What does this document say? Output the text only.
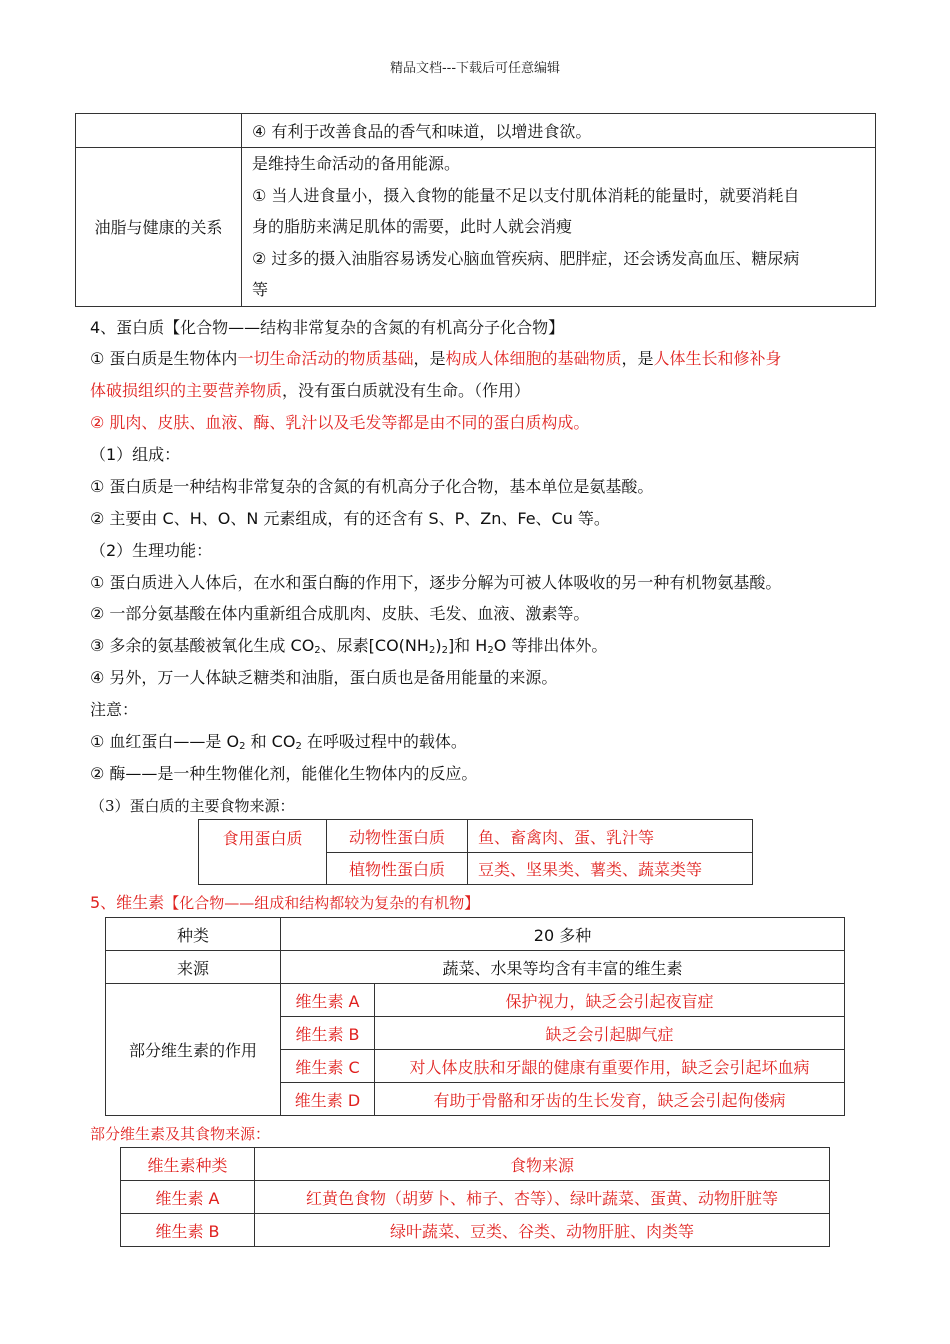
精品文档---下载后可任意编辑
	④ 有利于改善食品的香气和味道，以增进食欲。
油脂与健康的关系	是维持生命活动的备用能源。
① 当人进食量小，摄入食物的能量不足以支付肌体消耗的能量时，就要消耗自
身的脂肪来满足肌体的需要，此时人就会消瘦
② 过多的摄入油脂容易诱发心脑血管疾病、肥胖症，还会诱发高血压、糖尿病
等
4、蛋白质【化合物——结构非常复杂的含氮的有机高分子化合物】
① 蛋白质是生物体内一切生命活动的物质基础，是构成人体细胞的基础物质，是人体生长和修补身
体破损组织的主要营养物质，没有蛋白质就没有生命。（作用）
② 肌肉、皮肤、血液、酶、乳汁以及毛发等都是由不同的蛋白质构成。
（1）组成：
① 蛋白质是一种结构非常复杂的含氮的有机高分子化合物，基本单位是氨基酸。
② 主要由 C、H、O、N 元素组成，有的还含有 S、P、Zn、Fe、Cu 等。
（2）生理功能：
① 蛋白质进入人体后，在水和蛋白酶的作用下，逐步分解为可被人体吸收的另一种有机物氨基酸。
② 一部分氨基酸在体内重新组合成肌肉、皮肤、毛发、血液、激素等。
③ 多余的氨基酸被氧化生成 $CO_2$、尿素$[CO(NH_2)_2]$和 $H_2O$ 等排出体外。
④ 另外，万一人体缺乏糖类和油脂，蛋白质也是备用能量的来源。
注意：
① 血红蛋白——是 $O_2$ 和 $CO_2$ 在呼吸过程中的载体。
② 酶——是一种生物催化剂，能催化生物体内的反应。
（3）蛋白质的主要食物来源：
食用蛋白质	动物性蛋白质	鱼、畜禽肉、蛋、乳汁等
	植物性蛋白质	豆类、坚果类、薯类、蔬菜类等
5、维生素【化合物——组成和结构都较为复杂的有机物】
种类	20 多种	
来源	蔬菜、水果等均含有丰富的维生素	
部分维生素的作用	维生素 A	保护视力，缺乏会引起夜盲症
	维生素 B	缺乏会引起脚气症
	维生素 C	对人体皮肤和牙龈的健康有重要作用，缺乏会引起坏血病
	维生素 D	有助于骨骼和牙齿的生长发育，缺乏会引起佝偻病
部分维生素及其食物来源：
维生素种类	食物来源
维生素 A	红黄色食物（胡萝卜、柿子、杏等）、绿叶蔬菜、蛋黄、动物肝脏等
维生素 B	绿叶蔬菜、豆类、谷类、动物肝脏、肉类等
